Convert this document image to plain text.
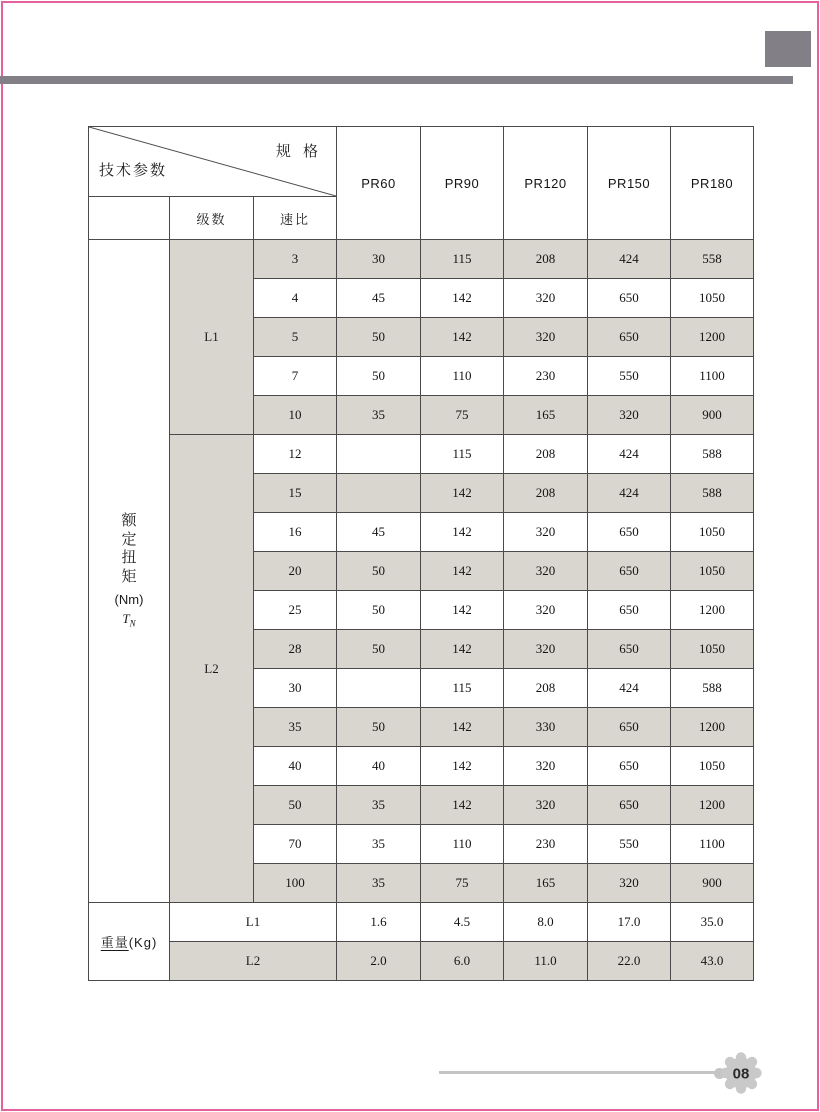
规 格
技术参数			PR60	PR90	PR120	PR150	PR180
	级数	速比					

额
定
扭
矩
(Nm)
$T_N$
	L1	3	30	115	208	424	558
		4	45	142	320	650	1050
		5	50	142	320	650	1200
		7	50	110	230	550	1100
		10	35	75	165	320	900
	L2	12		115	208	424	588
		15		142	208	424	588
		16	45	142	320	650	1050
		20	50	142	320	650	1050
		25	50	142	320	650	1200
		28	50	142	320	650	1050
		30		115	208	424	588
		35	50	142	330	650	1200
		40	40	142	320	650	1050
		50	35	142	320	650	1200
		70	35	110	230	550	1100
		100	35	75	165	320	900
重量(Kg)	L1		1.6	4.5	8.0	17.0	35.0
	L2		2.0	6.0	11.0	22.0	43.0
08
